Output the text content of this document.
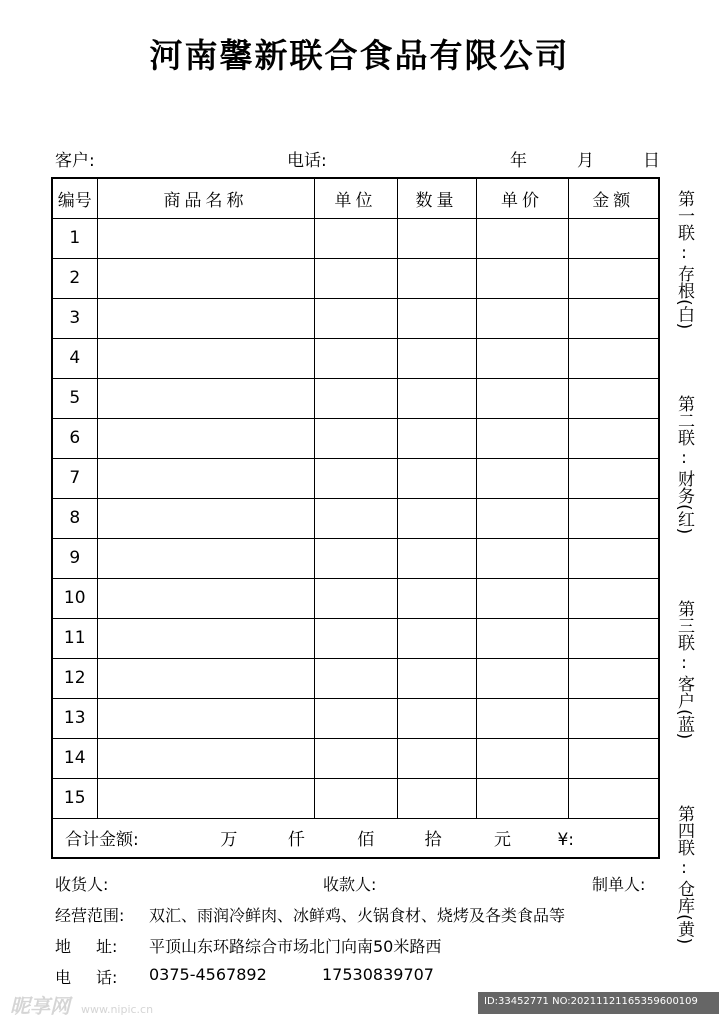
河南馨新联合食品有限公司
客户:	电话:	年	月	日
编号	商品名称	单位	数量	单价	金额
1					
2					
3					
4					
5					
6					
7					
8					
9					
10					
11					
12					
13					
14					
15					
合计金额: 万 仟 佰 拾 元 ¥:					
第一联
:
存根
(白)
第二联
:
财务
(红)
第三联
:
客户
(蓝)
第四联
:
仓库
(黄)
收货人:	收款人:	制单人:
经营范围: 双汇、雨润冷鲜肉、冰鲜鸡、火锅食材、烧烤及各类食品等
地 址: 平顶山东环路综合市场北门向南50米路西
电 话: 0375-4567892	17530839707
昵享网 www.nipic.cn
ID:33452771 NO:20211121165359600109
